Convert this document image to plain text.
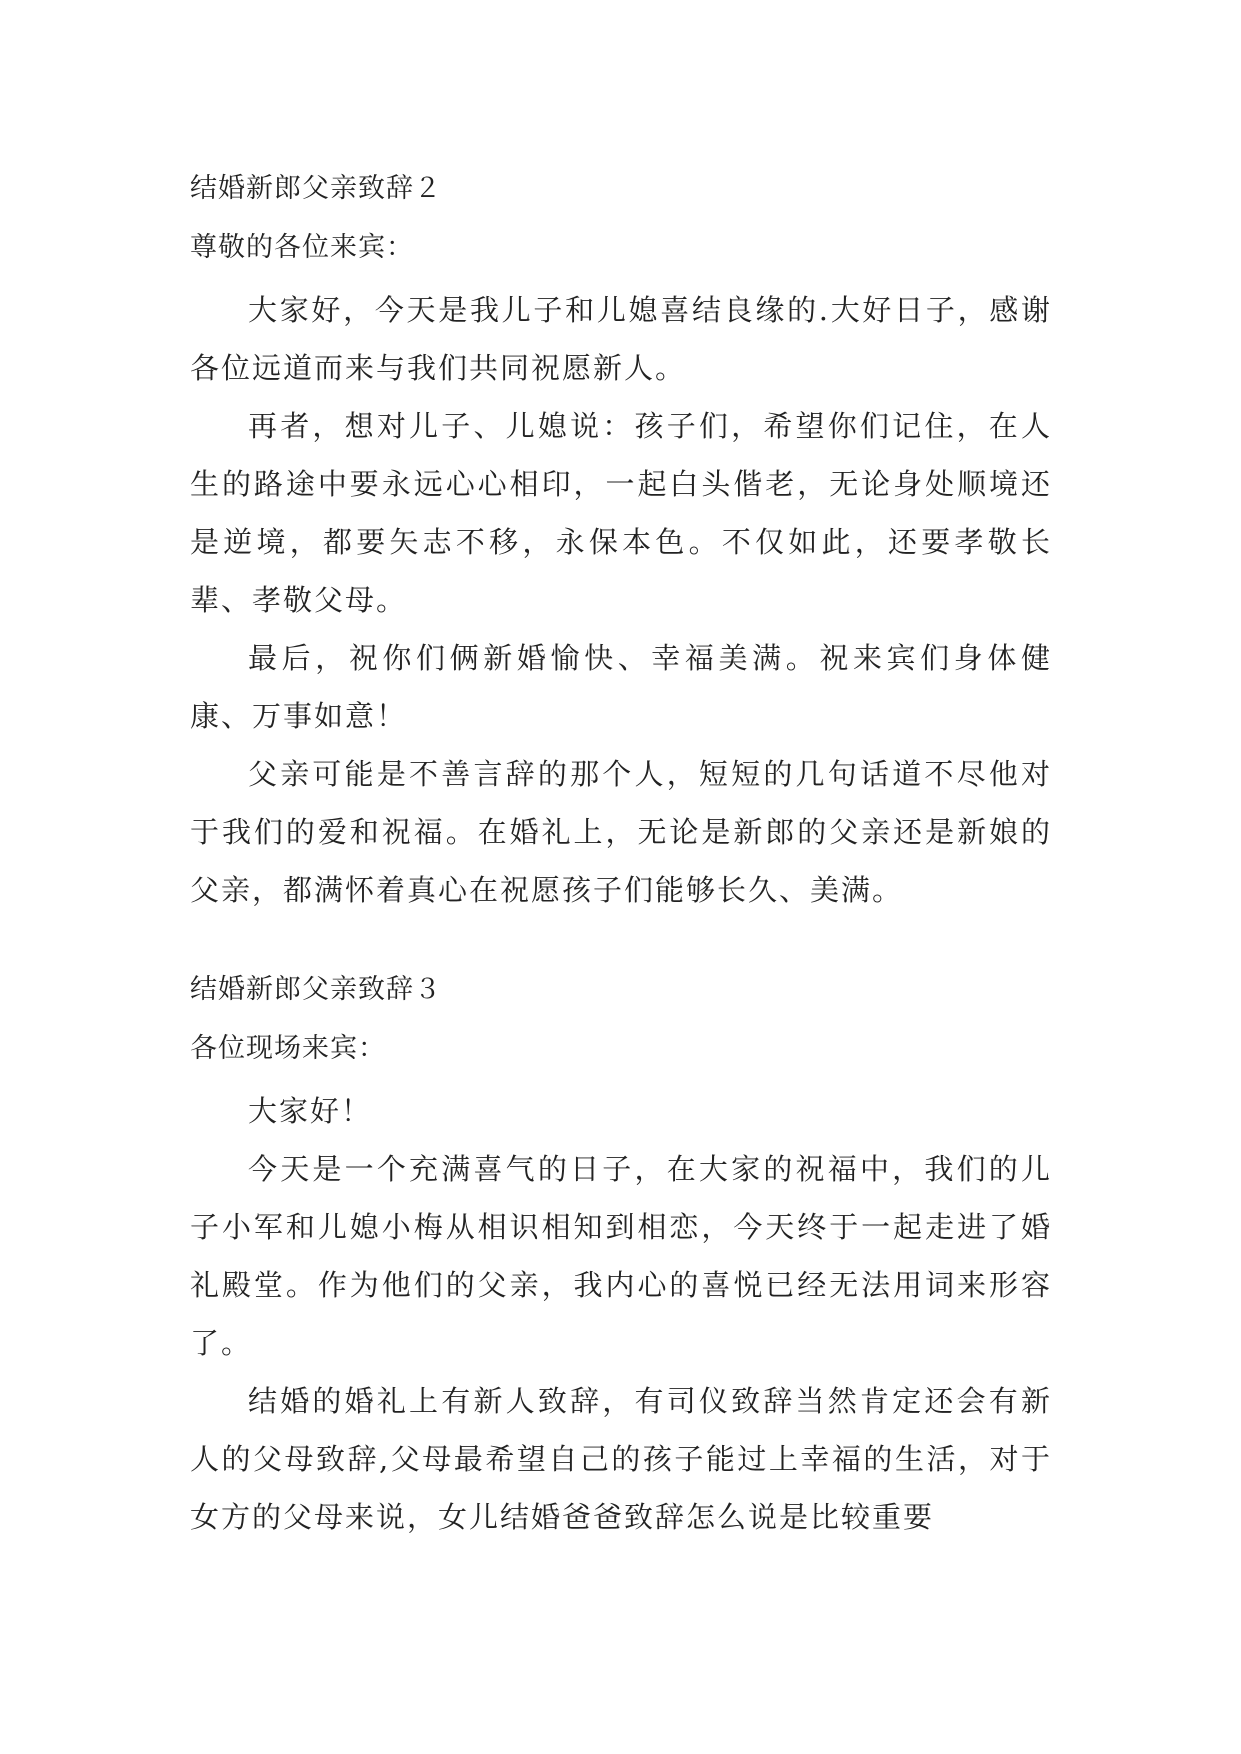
结婚新郎父亲致辞２
尊敬的各位来宾：

大家好，今天是我儿子和儿媳喜结良缘的.大好日子，感谢各位远道而来与我们共同祝愿新人。

再者，想对儿子、儿媳说：孩子们，希望你们记住，在人生的路途中要永远心心相印，一起白头偕老，无论身处顺境还是逆境，都要矢志不移，永保本色。不仅如此，还要孝敬长辈、孝敬父母。

最后，祝你们俩新婚愉快、幸福美满。祝来宾们身体健康、万事如意！

父亲可能是不善言辞的那个人，短短的几句话道不尽他对于我们的爱和祝福。在婚礼上，无论是新郎的父亲还是新娘的父亲，都满怀着真心在祝愿孩子们能够长久、美满。

结婚新郎父亲致辞３
各位现场来宾：

大家好！

今天是一个充满喜气的日子，在大家的祝福中，我们的儿子小军和儿媳小梅从相识相知到相恋，今天终于一起走进了婚礼殿堂。作为他们的父亲，我内心的喜悦已经无法用词来形容了。

结婚的婚礼上有新人致辞，有司仪致辞当然肯定还会有新人的父母致辞,父母最希望自己的孩子能过上幸福的生活，对于女方的父母来说，女儿结婚爸爸致辞怎么说是比较重要
